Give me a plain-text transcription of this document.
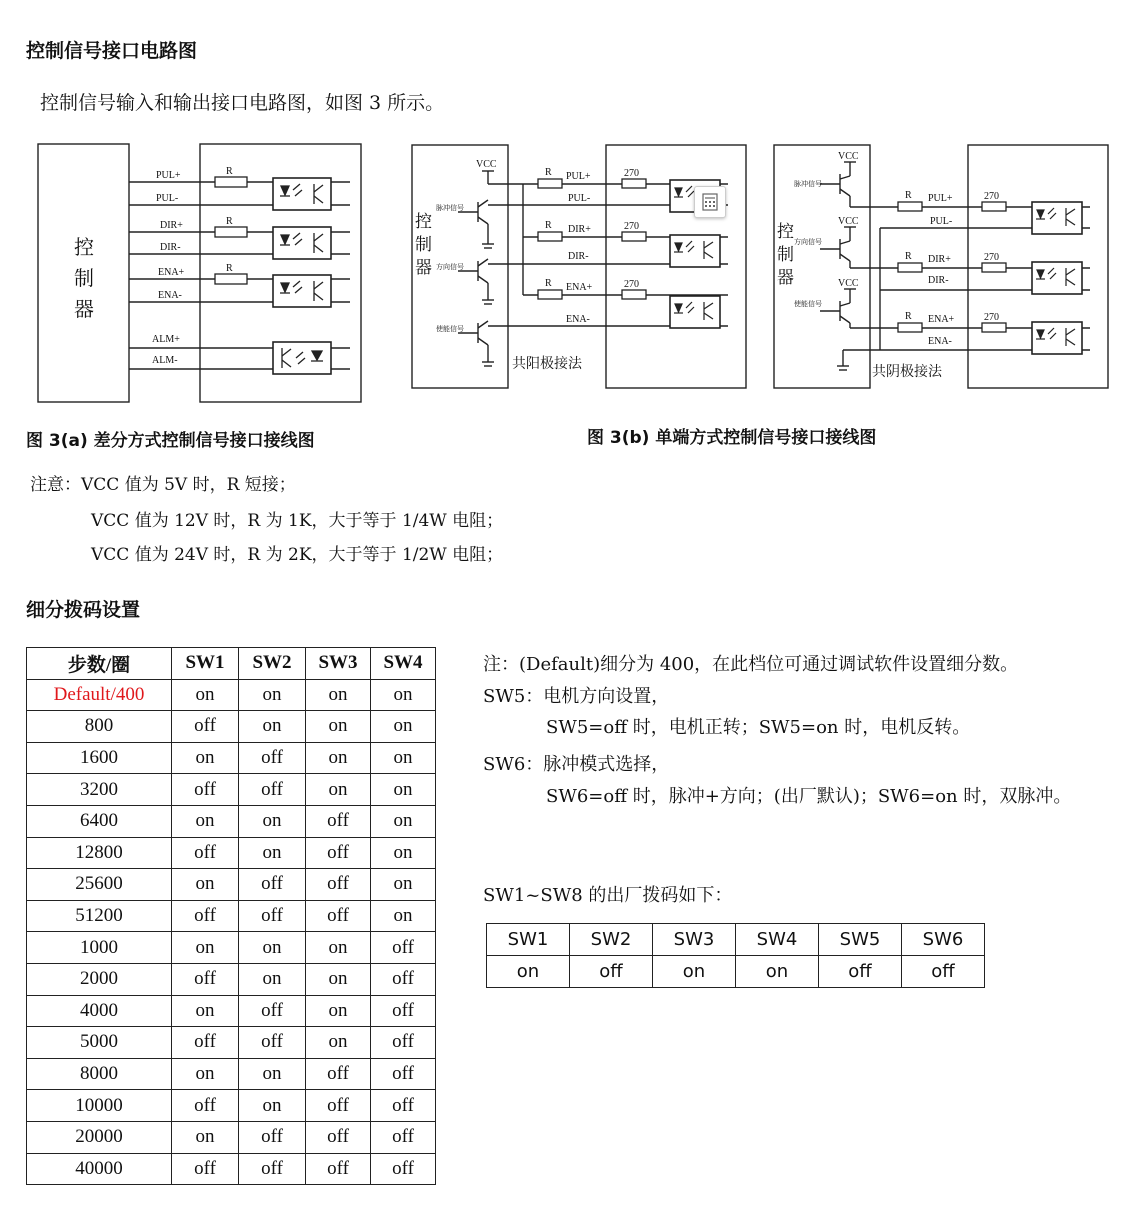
控制信号接口电路图
控制信号输入和输出接口电路图，如图 3 所示。
PUL+
PUL-
DIR+
DIR-
ENA+
ENA-
ALM+
ALM-
R
R
R
控
制
器
VCC
PUL+
PUL-
DIR+
DIR-
ENA+
ENA-
R
R
R
270
270
270
脉冲信号
方向信号
使能信号
控
制
器
共阳极接法
VCC
VCC
VCC
PUL+
PUL-
DIR+
DIR-
ENA+
ENA-
R
R
R
270
270
270
脉冲信号
方向信号
使能信号
控
制
器
共阴极接法
图 3(a) 差分方式控制信号接口接线图	图 3(b) 单端方式控制信号接口接线图
注意：VCC 值为 5V 时，R 短接；
VCC 值为 12V 时，R 为 1K，大于等于 1/4W 电阻；
VCC 值为 24V 时，R 为 2K，大于等于 1/2W 电阻；
细分拨码设置
步数/圈	SW1	SW2	SW3	SW4
Default/400	on	on	on	on
800	off	on	on	on
1600	on	off	on	on
3200	off	off	on	on
6400	on	on	off	on
12800	off	on	off	on
25600	on	off	off	on
51200	off	off	off	on
1000	on	on	on	off
2000	off	on	on	off
4000	on	off	on	off
5000	off	off	on	off
8000	on	on	off	off
10000	off	on	off	off
20000	on	off	off	off
40000	off	off	off	off
注：(Default)细分为 400，在此档位可通过调试软件设置细分数。
SW5：电机方向设置，
SW5=off 时，电机正转；SW5=on 时，电机反转。
SW6：脉冲模式选择，
SW6=off 时，脉冲+方向；(出厂默认)；SW6=on 时，双脉冲。
SW1~SW8 的出厂拨码如下：
SW1	SW2	SW3	SW4	SW5	SW6
on	off	on	on	off	off
